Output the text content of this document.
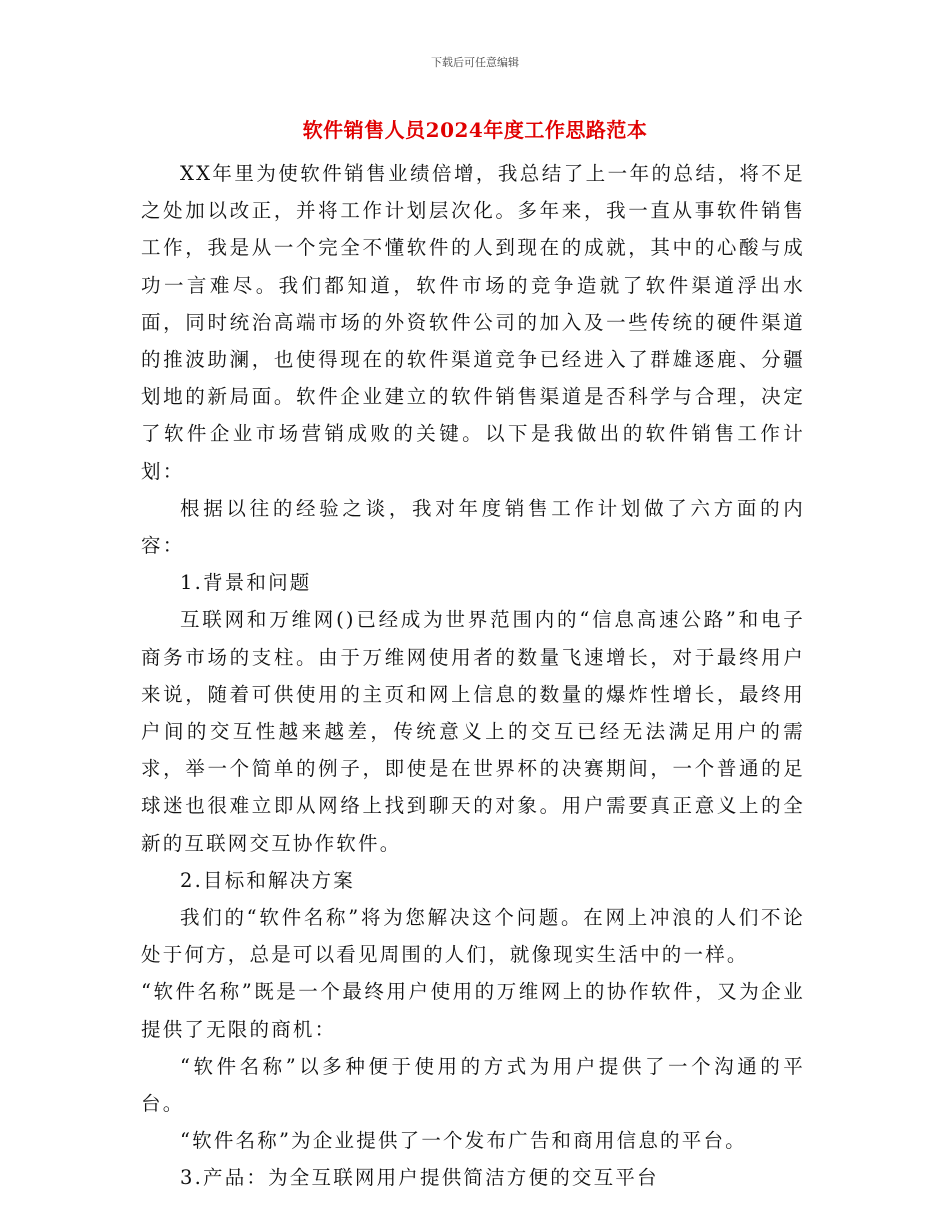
下载后可任意编辑
软件销售人员2024年度工作思路范本

XX年里为使软件销售业绩倍增，我总结了上一年的总结，将不足之处加以改正，并将工作计划层次化。多年来，我一直从事软件销售工作，我是从一个完全不懂软件的人到现在的成就，其中的心酸与成功一言难尽。我们都知道，软件市场的竞争造就了软件渠道浮出水面，同时统治高端市场的外资软件公司的加入及一些传统的硬件渠道的推波助澜，也使得现在的软件渠道竞争已经进入了群雄逐鹿、分疆划地的新局面。软件企业建立的软件销售渠道是否科学与合理，决定了软件企业市场营销成败的关键。以下是我做出的软件销售工作计划：

根据以往的经验之谈，我对年度销售工作计划做了六方面的内容：

1.背景和问题

互联网和万维网()已经成为世界范围内的“信息高速公路”和电子商务市场的支柱。由于万维网使用者的数量飞速增长，对于最终用户来说，随着可供使用的主页和网上信息的数量的爆炸性增长，最终用户间的交互性越来越差，传统意义上的交互已经无法满足用户的需求，举一个简单的例子，即使是在世界杯的决赛期间，一个普通的足球迷也很难立即从网络上找到聊天的对象。用户需要真正意义上的全新的互联网交互协作软件。

2.目标和解决方案

我们的“软件名称”将为您解决这个问题。在网上冲浪的人们不论处于何方，总是可以看见周围的人们，就像现实生活中的一样。

“软件名称”既是一个最终用户使用的万维网上的协作软件，又为企业提供了无限的商机：

“软件名称”以多种便于使用的方式为用户提供了一个沟通的平台。

“软件名称”为企业提供了一个发布广告和商用信息的平台。

3.产品：为全互联网用户提供简洁方便的交互平台
